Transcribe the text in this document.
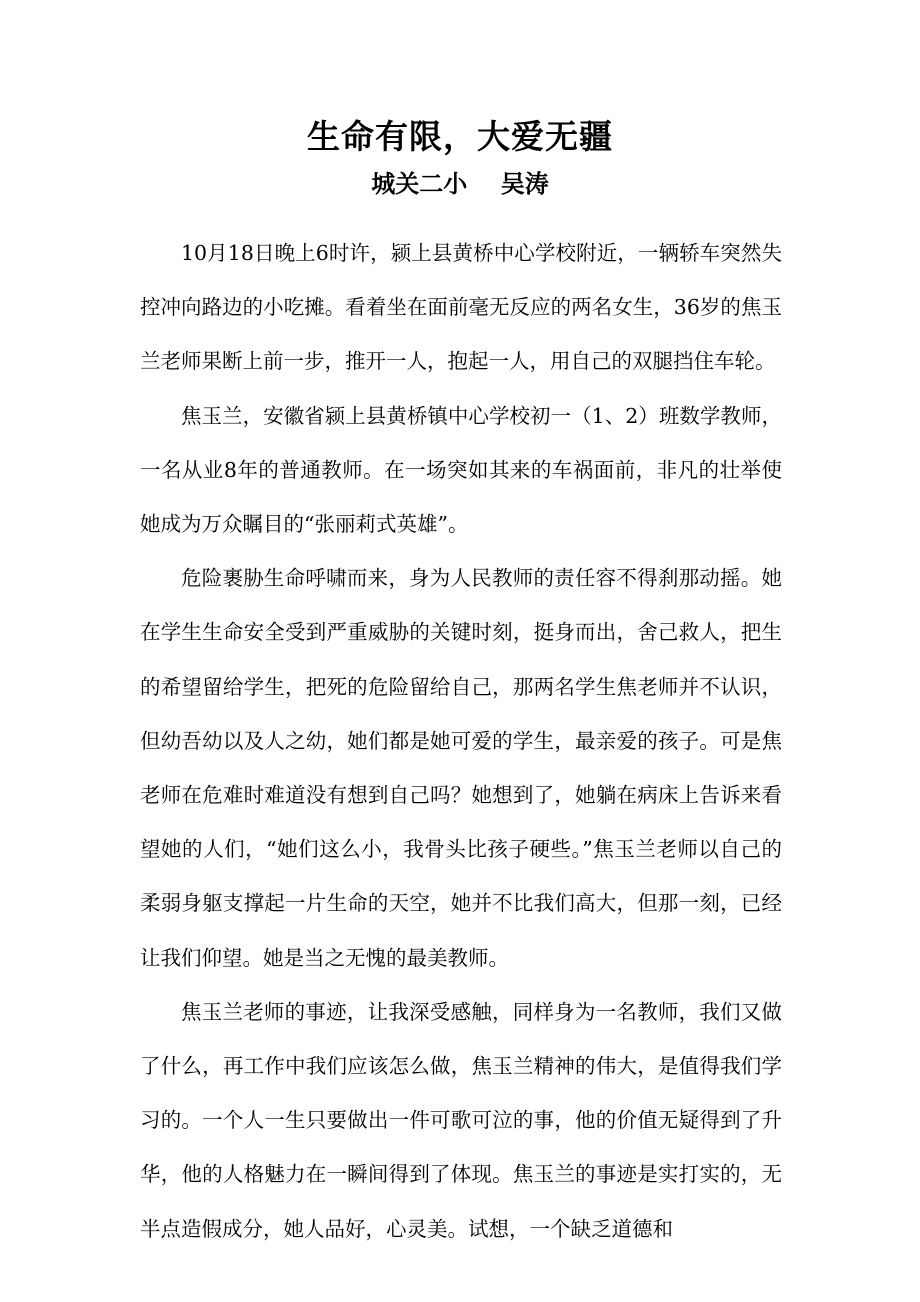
生命有限，大爱无疆
城关二小    吴涛

10月18日晚上6时许，颍上县黄桥中心学校附近，一辆轿车突然失控冲向路边的小吃摊。看着坐在面前毫无反应的两名女生，36岁的焦玉兰老师果断上前一步，推开一人，抱起一人，用自己的双腿挡住车轮。

焦玉兰，安徽省颍上县黄桥镇中心学校初一（1、2）班数学教师，一名从业8年的普通教师。在一场突如其来的车祸面前，非凡的壮举使她成为万众瞩目的“张丽莉式英雄”。

危险裹胁生命呼啸而来，身为人民教师的责任容不得刹那动摇。她在学生生命安全受到严重威胁的关键时刻，挺身而出，舍己救人，把生的希望留给学生，把死的危险留给自己，那两名学生焦老师并不认识，但幼吾幼以及人之幼，她们都是她可爱的学生，最亲爱的孩子。可是焦老师在危难时难道没有想到自己吗？她想到了，她躺在病床上告诉来看望她的人们，“她们这么小，我骨头比孩子硬些。”焦玉兰老师以自己的柔弱身躯支撑起一片生命的天空，她并不比我们高大，但那一刻，已经让我们仰望。她是当之无愧的最美教师。

焦玉兰老师的事迹，让我深受感触，同样身为一名教师，我们又做了什么，再工作中我们应该怎么做，焦玉兰精神的伟大，是值得我们学习的。一个人一生只要做出一件可歌可泣的事，他的价值无疑得到了升华，他的人格魅力在一瞬间得到了体现。焦玉兰的事迹是实打实的，无半点造假成分，她人品好，心灵美。试想，一个缺乏道德和
